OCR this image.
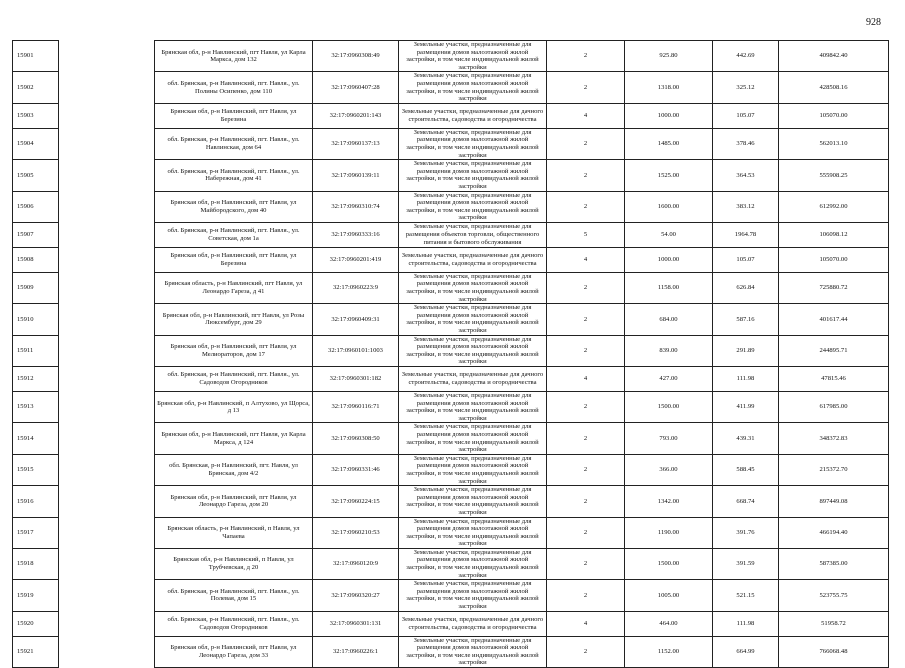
928
15901		Брянская обл, р-н Навлинский, пгт Навля, ул Карла Маркса, дом 132	32:17:0960308:49	Земельные участки, предназначенные для размещения домов малоэтажной жилой застройки, в том числе индивидуальной жилой застройки	2	925.80	442.69	409842.40
15902		обл. Брянская, р-н Навлинский, пгт. Навля., ул. Полины Осипенко, дом 110	32:17:0960407:28	Земельные участки, предназначенные для размещения домов малоэтажной жилой застройки, в том числе индивидуальной жилой застройки	2	1318.00	325.12	428508.16
15903		Брянская обл, р-н Навлинский, пгт Навля, ул Березина	32:17:0960201:143	Земельные участки, предназначенные для дачного строительства, садоводства и огородничества	4	1000.00	105.07	105070.00
15904		обл. Брянская, р-н Навлинский, пгт. Навля., ул. Навлинская, дом 64	32:17:0960137:13	Земельные участки, предназначенные для размещения домов малоэтажной жилой застройки, в том числе индивидуальной жилой застройки	2	1485.00	378.46	562013.10
15905		обл. Брянская, р-н Навлинский, пгт. Навля., ул. Набережная, дом 41	32:17:0960139:11	Земельные участки, предназначенные для размещения домов малоэтажной жилой застройки, в том числе индивидуальной жилой застройки	2	1525.00	364.53	555908.25
15906		Брянская обл, р-н Навлинский, пгт Навля, ул Майбородского, дом 40	32:17:0960310:74	Земельные участки, предназначенные для размещения домов малоэтажной жилой застройки, в том числе индивидуальной жилой застройки	2	1600.00	383.12	612992.00
15907		обл. Брянская, р-н Навлинский, пгт. Навля., ул. Советская, дом 1а	32:17:0960333:16	Земельные участки, предназначенные для размещения объектов торговли, общественного питания и бытового обслуживания	5	54.00	1964.78	106098.12
15908		Брянская обл, р-н Навлинский, пгт Навля, ул Березина	32:17:0960201:419	Земельные участки, предназначенные для дачного строительства, садоводства и огородничества	4	1000.00	105.07	105070.00
15909		Брянская область, р-н Навлинский, пгт Навля, ул Леонардо Гареза, д 41	32:17:0960223:9	Земельные участки, предназначенные для размещения домов малоэтажной жилой застройки, в том числе индивидуальной жилой застройки	2	1158.00	626.84	725880.72
15910		Брянская обл, р-н Навлинский, пгт Навля, ул Розы Люксембург, дом 29	32:17:0960409:31	Земельные участки, предназначенные для размещения домов малоэтажной жилой застройки, в том числе индивидуальной жилой застройки	2	684.00	587.16	401617.44
15911		Брянская обл, р-н Навлинский, пгт Навля, ул Мелиораторов, дом 17	32:17:0960101:1003	Земельные участки, предназначенные для размещения домов малоэтажной жилой застройки, в том числе индивидуальной жилой застройки	2	839.00	291.89	244895.71
15912		обл. Брянская, р-н Навлинский, пгт. Навля., ул. Садоводов Огородников	32:17:0960301:182	Земельные участки, предназначенные для дачного строительства, садоводства и огородничества	4	427.00	111.98	47815.46
15913		Брянская обл, р-н Навлинский, п Алтухово, ул Щорса, д 13	32:17:0960116:71	Земельные участки, предназначенные для размещения домов малоэтажной жилой застройки, в том числе индивидуальной жилой застройки	2	1500.00	411.99	617985.00
15914		Брянская обл, р-н Навлинский, пгт Навля, ул Карла Маркса, д 124	32:17:0960308:50	Земельные участки, предназначенные для размещения домов малоэтажной жилой застройки, в том числе индивидуальной жилой застройки	2	793.00	439.31	348372.83
15915		обл. Брянская, р-н Навлинский, пгт. Навля, ул Брянская, дом 4/2	32:17:0960331:46	Земельные участки, предназначенные для размещения домов малоэтажной жилой застройки, в том числе индивидуальной жилой застройки	2	366.00	588.45	215372.70
15916		Брянская обл, р-н Навлинский, пгт Навля, ул Леонардо Гареза, дом 20	32:17:0960224:15	Земельные участки, предназначенные для размещения домов малоэтажной жилой застройки, в том числе индивидуальной жилой застройки	2	1342.00	668.74	897449.08
15917		Брянская область, р-н Навлинский, п Навля, ул Чапаева	32:17:0960210:53	Земельные участки, предназначенные для размещения домов малоэтажной жилой застройки, в том числе индивидуальной жилой застройки	2	1190.00	391.76	466194.40
15918		Брянская обл, р-н Навлинский, п Навля, ул Трубчевская, д 20	32:17:0960120:9	Земельные участки, предназначенные для размещения домов малоэтажной жилой застройки, в том числе индивидуальной жилой застройки	2	1500.00	391.59	587385.00
15919		обл. Брянская, р-н Навлинский, пгт. Навля., ул. Полевая, дом 15	32:17:0960320:27	Земельные участки, предназначенные для размещения домов малоэтажной жилой застройки, в том числе индивидуальной жилой застройки	2	1005.00	521.15	523755.75
15920		обл. Брянская, р-н Навлинский, пгт. Навля., ул. Садоводов Огородников	32:17:0960301:131	Земельные участки, предназначенные для дачного строительства, садоводства и огородничества	4	464.00	111.98	51958.72
15921		Брянская обл, р-н Навлинский, пгт Навля, ул Леонардо Гареза, дом 33	32:17:0960226:1	Земельные участки, предназначенные для размещения домов малоэтажной жилой застройки, в том числе индивидуальной жилой застройки	2	1152.00	664.99	766068.48
